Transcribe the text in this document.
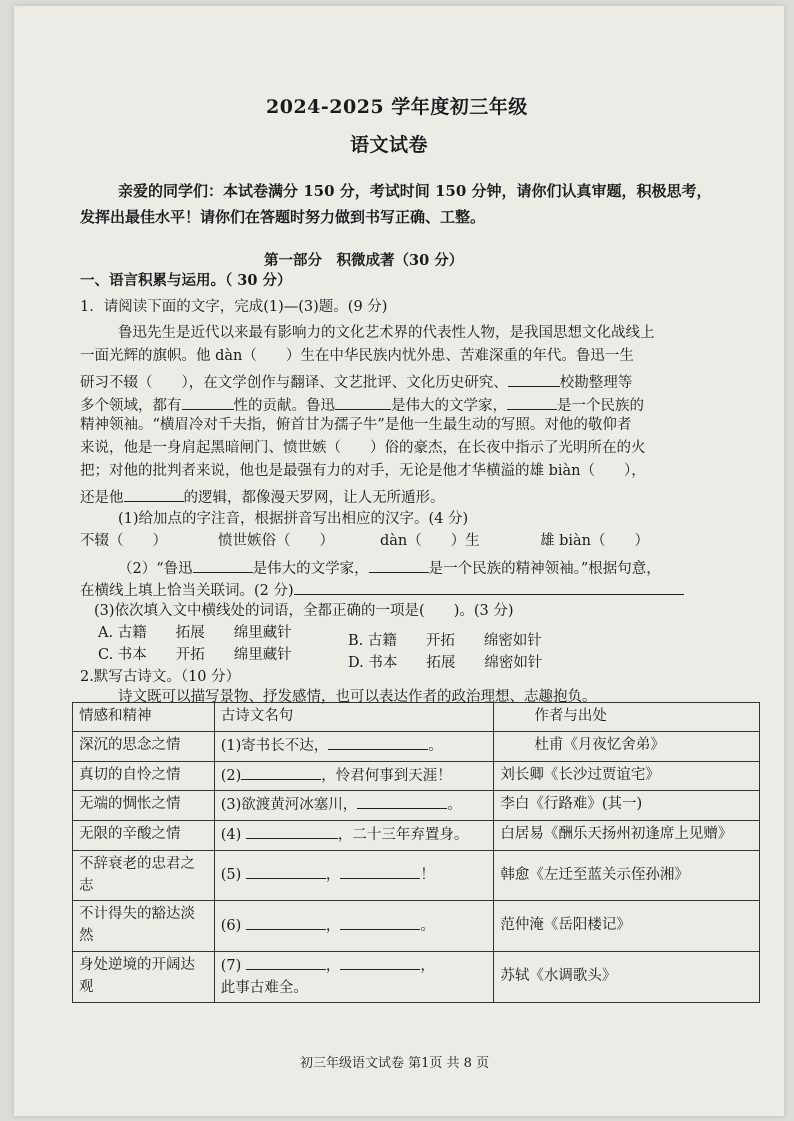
2024-2025 学年度初三年级
语文试卷
亲爱的同学们：本试卷满分 150 分，考试时间 150 分钟，请你们认真审题，积极思考，
发挥出最佳水平！请你们在答题时努力做到书写正确、工整。
第一部分　积微成著（30 分）
一、语言积累与运用。（ 30 分）
1．请阅读下面的文字，完成(1)—(3)题。(9 分)
鲁迅先生是近代以来最有影响力的文化艺术界的代表性人物，是我国思想文化战线上
一面光辉的旗帜。他 dàn（　　）生在中华民族内忧外患、苦难深重的年代。鲁迅一生
研习不辍（　　），在文学创作与翻译、文艺批评、文化历史研究、	校勘整理等
多个领域，都有	性的贡献。鲁迅	是伟大的文学家，	是一个民族的
精神领袖。“横眉冷对千夫指，俯首甘为孺子牛”是他一生最生动的写照。对他的敬仰者
来说，他是一身肩起黑暗闸门、愤世嫉（　　）俗的豪杰，在长夜中指示了光明所在的火
把；对他的批判者来说，他也是最强有力的对手，无论是他才华横溢的雄 biàn（　　），
还是他	的逻辑，都像漫天罗网，让人无所遁形。
(1)给加点的字注音，根据拼音写出相应的汉字。(4 分)
不辍（　　）	愤世嫉俗（　　）	dàn（　　）生	雄 biàn（　　）
（2）“鲁迅	是伟大的文学家，	是一个民族的精神领袖。”根据句意，
在横线上填上恰当关联词。(2 分)
(3)依次填入文中横线处的词语，全都正确的一项是(　　)。(3 分)
A. 古籍　　拓展　　绵里藏针	B. 古籍　　开拓　　绵密如针
C. 书本　　开拓　　绵里藏针	D. 书本　　拓展　　绵密如针
2.默写古诗文。（10 分）
诗文既可以描写景物、抒发感情，也可以表达作者的政治理想、志趣抱负。
情感和精神	古诗文名句	作者与出处
深沉的思念之情	(1)寄书长不达， 。	杜甫《月夜忆舍弟》
真切的自怜之情	(2) ，怜君何事到天涯！	刘长卿《长沙过贾谊宅》
无端的惆怅之情	(3)欲渡黄河冰塞川， 。	李白《行路难》(其一)
无限的辛酸之情	(4) ，二十三年弃置身。	白居易《酬乐天扬州初逢席上见赠》
不辞衰老的忠君之志	(5) ， ！	韩愈《左迁至蓝关示侄孙湘》
不计得失的豁达淡然	(6) ， 。	范仲淹《岳阳楼记》
身处逆境的开阔达观	(7) ， ，
此事古难全。	苏轼《水调歌头》
初三年级语文试卷 第1页 共 8 页
